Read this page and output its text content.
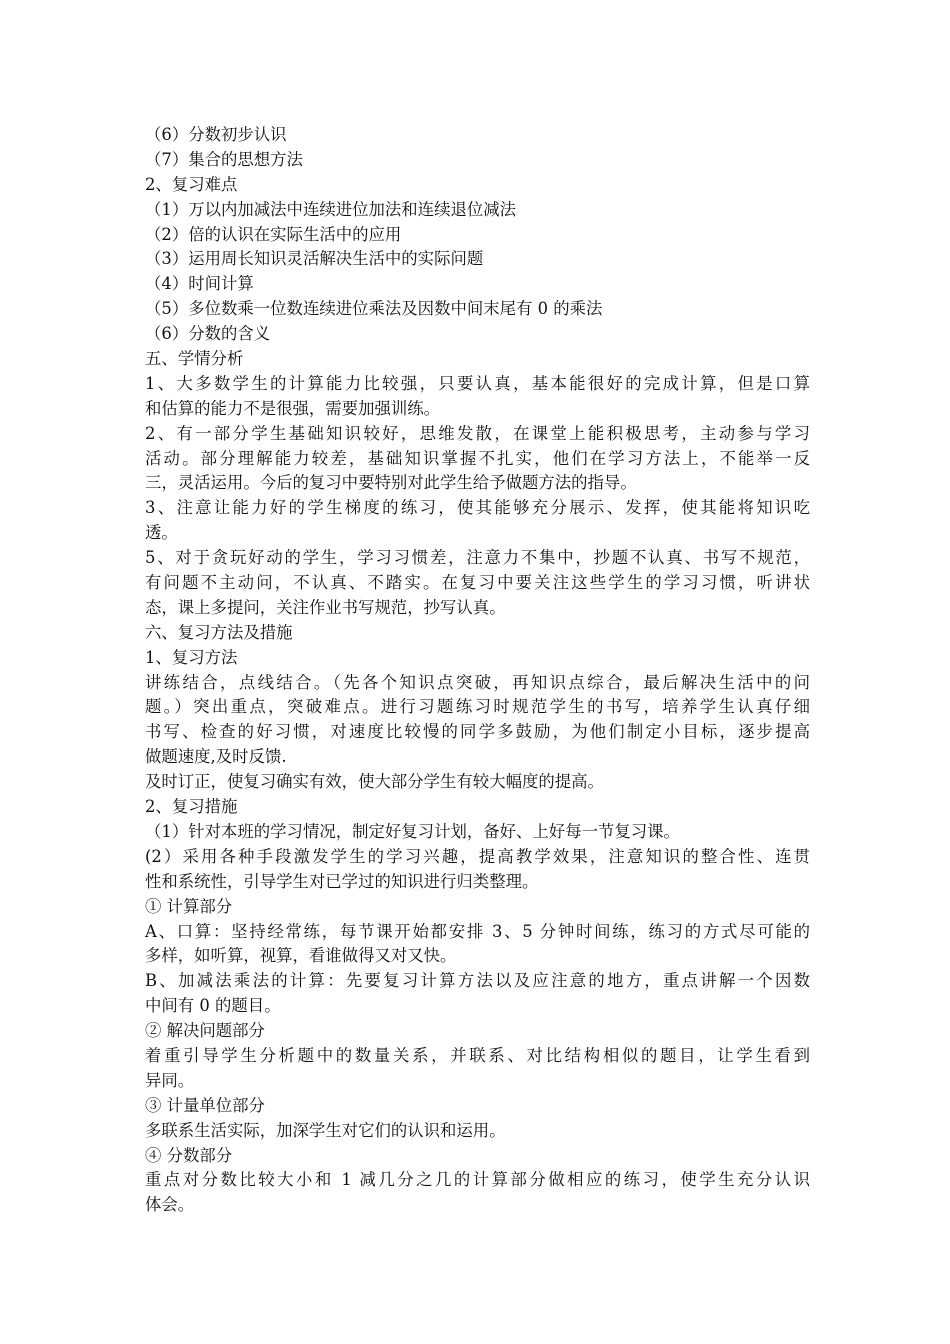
（6）分数初步认识
（7）集合的思想方法
2、复习难点
（1）万以内加减法中连续进位加法和连续退位减法
（2）倍的认识在实际生活中的应用
（3）运用周长知识灵活解决生活中的实际问题
（4）时间计算
（5）多位数乘一位数连续进位乘法及因数中间末尾有 0 的乘法
（6）分数的含义
五、学情分析
1、大多数学生的计算能力比较强，只要认真，基本能很好的完成计算，但是口算
和估算的能力不是很强，需要加强训练。
2、有一部分学生基础知识较好，思维发散，在课堂上能积极思考，主动参与学习
活动。部分理解能力较差，基础知识掌握不扎实，他们在学习方法上，不能举一反
三，灵活运用。今后的复习中要特别对此学生给予做题方法的指导。
3、注意让能力好的学生梯度的练习，使其能够充分展示、发挥，使其能将知识吃
透。
5、对于贪玩好动的学生，学习习惯差，注意力不集中，抄题不认真、书写不规范，
有问题不主动问，不认真、不踏实。在复习中要关注这些学生的学习习惯，听讲状
态，课上多提问，关注作业书写规范，抄写认真。
六、复习方法及措施
1、复习方法
讲练结合，点线结合。（先各个知识点突破，再知识点综合，最后解决生活中的问
题。）突出重点，突破难点。进行习题练习时规范学生的书写，培养学生认真仔细
书写、检查的好习惯，对速度比较慢的同学多鼓励，为他们制定小目标，逐步提高
做题速度,及时反馈.
及时订正，使复习确实有效，使大部分学生有较大幅度的提高。
2、复习措施
（1）针对本班的学习情况，制定好复习计划，备好、上好每一节复习课。
(2）采用各种手段激发学生的学习兴趣，提高教学效果，注意知识的整合性、连贯
性和系统性，引导学生对已学过的知识进行归类整理。
① 计算部分
A、口算：坚持经常练，每节课开始都安排 3、5 分钟时间练，练习的方式尽可能的
多样，如听算，视算，看谁做得又对又快。
B、加减法乘法的计算：先要复习计算方法以及应注意的地方，重点讲解一个因数
中间有 0 的题目。
② 解决问题部分
着重引导学生分析题中的数量关系，并联系、对比结构相似的题目，让学生看到
异同。
③ 计量单位部分
多联系生活实际，加深学生对它们的认识和运用。
④ 分数部分
重点对分数比较大小和 1 减几分之几的计算部分做相应的练习，使学生充分认识
体会。
